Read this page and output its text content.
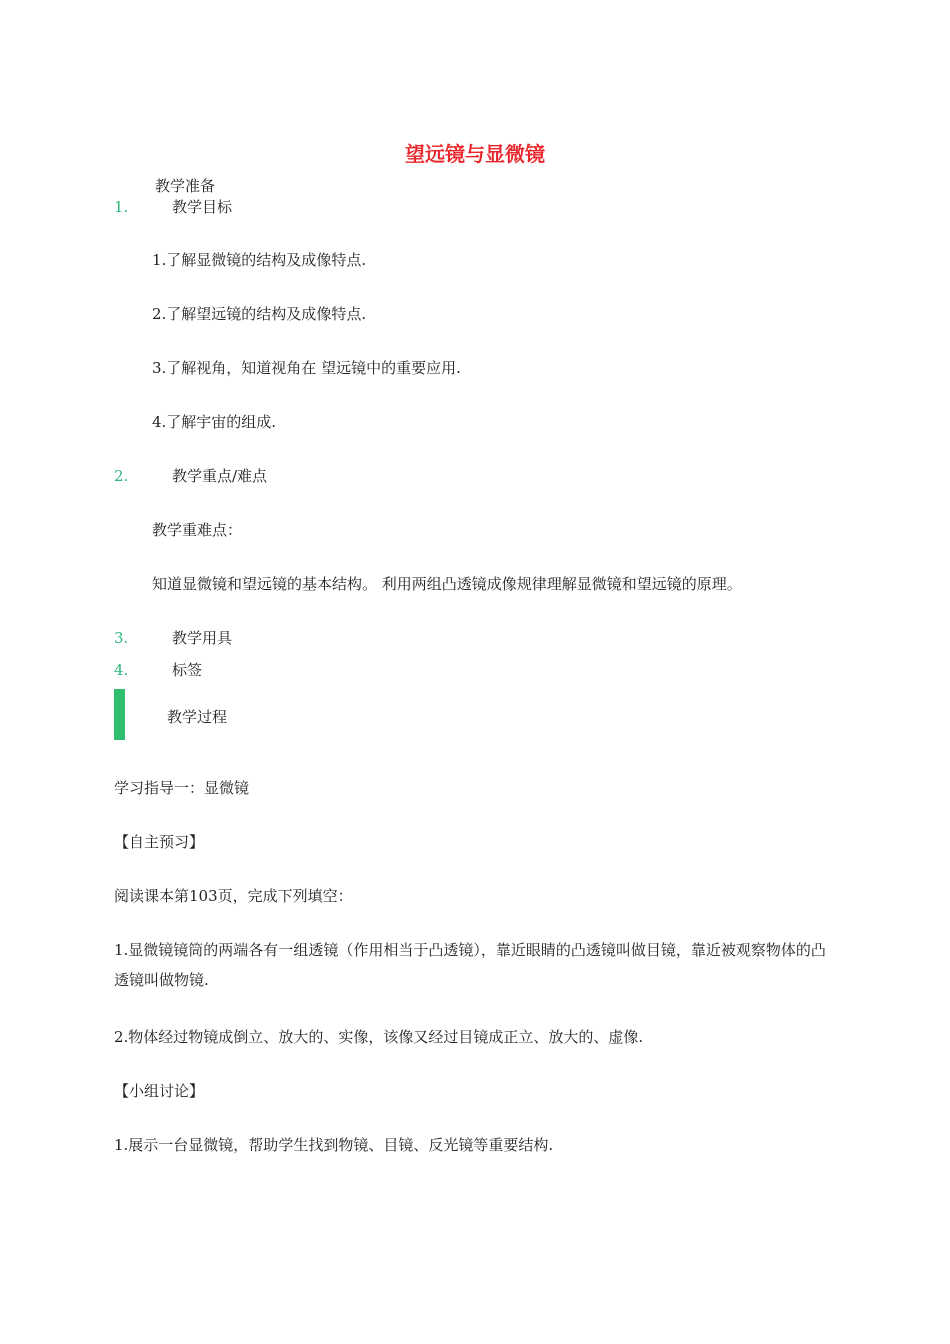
望远镜与显微镜
教学准备
1.	教学目标
1.了解显微镜的结构及成像特点.
2.了解望远镜的结构及成像特点.
3.了解视角，知道视角在 望远镜中的重要应用.
4.了解宇宙的组成.
2.	教学重点/难点
教学重难点：
知道显微镜和望远镜的基本结构。 利用两组凸透镜成像规律理解显微镜和望远镜的原理。
3.	教学用具
4.	标签
教学过程
学习指导一：显微镜
【自主预习】
阅读课本第103页，完成下列填空：
1.显微镜镜筒的两端各有一组透镜（作用相当于凸透镜），靠近眼睛的凸透镜叫做目镜，靠近被观察物体的凸透镜叫做物镜.
2.物体经过物镜成倒立、放大的、实像，该像又经过目镜成正立、放大的、虚像.
【小组讨论】
1.展示一台显微镜，帮助学生找到物镜、目镜、反光镜等重要结构.
